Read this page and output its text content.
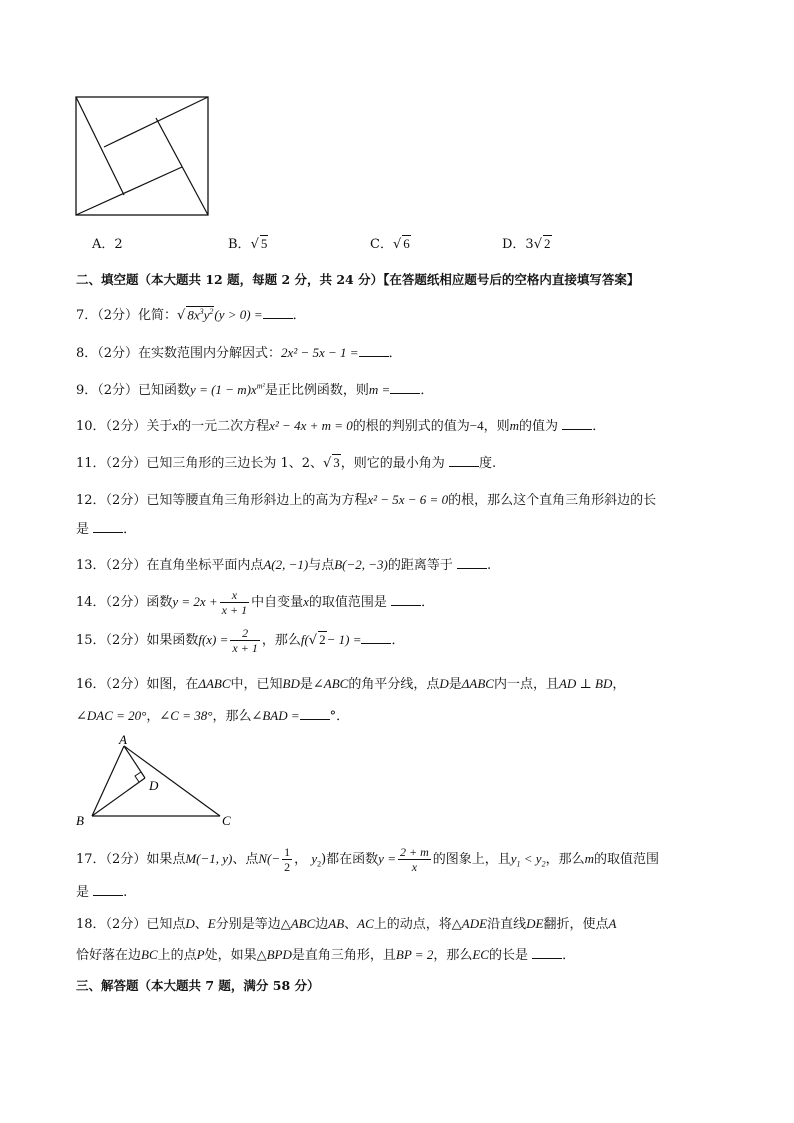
A．2	B．√ 5	C．√ 6	D．3√ 2
二、填空题（本大题共 12 题，每题 2 分，共 24 分）【在答题纸相应题号后的空格内直接填写答案】
7．（2分）化简：√ $8x^3y^2(y > 0)$ = ．
8．（2分）在实数范围内分解因式：2x² − 5x − 1 = ．
9．（2分）已知函数$y = (1 - m)x^{m^2}$是正比例函数，则m = ．
10．（2分）关于x的一元二次方程x² − 4x + m = 0的根的判别式的值为−4，则m的值为	．
11．（2分）已知三角形的三边长为 1、2、√ 3，则它的最小角为	度.
12．（2分）已知等腰直角三角形斜边上的高为方程x² − 5x − 6 = 0的根，那么这个直角三角形斜边的长
是	．
13．（2分）在直角坐标平面内点A(2, −1)与点B(−2, −3)的距离等于	.
14．（2分）函数$y = 2x + \frac{x}{x + 1}$ 中自变量x的取值范围是	．
15．（2分）如果函数$f(x) = \frac{2}{x + 1}$ ，那么f(√ 2− 1) = ．
16．（2分）如图，在ΔABC中，已知BD是∠ABC的角平分线，点D是ΔABC内一点，且AD ⊥ BD，
∠DAC = 20°，∠C = 38°，那么∠BAD = °．
A
B	C
D
17．（2分）如果点M(−1, y)、点$N(- \frac{1}{2}$ ， $y_2$)都在函数$y = \frac{2 + m}{x}$ 的图象上，且$y_1 < y_2$，那么m的取值范围
是	.
18．（2分）已知点D、E分别是等边△ABC边AB、AC上的动点，将△ADE沿直线DE翻折，使点A
恰好落在边BC上的点P处，如果△BPD是直角三角形，且BP = 2，那么EC的长是	．
三、解答题（本大题共 7 题，满分 58 分）
